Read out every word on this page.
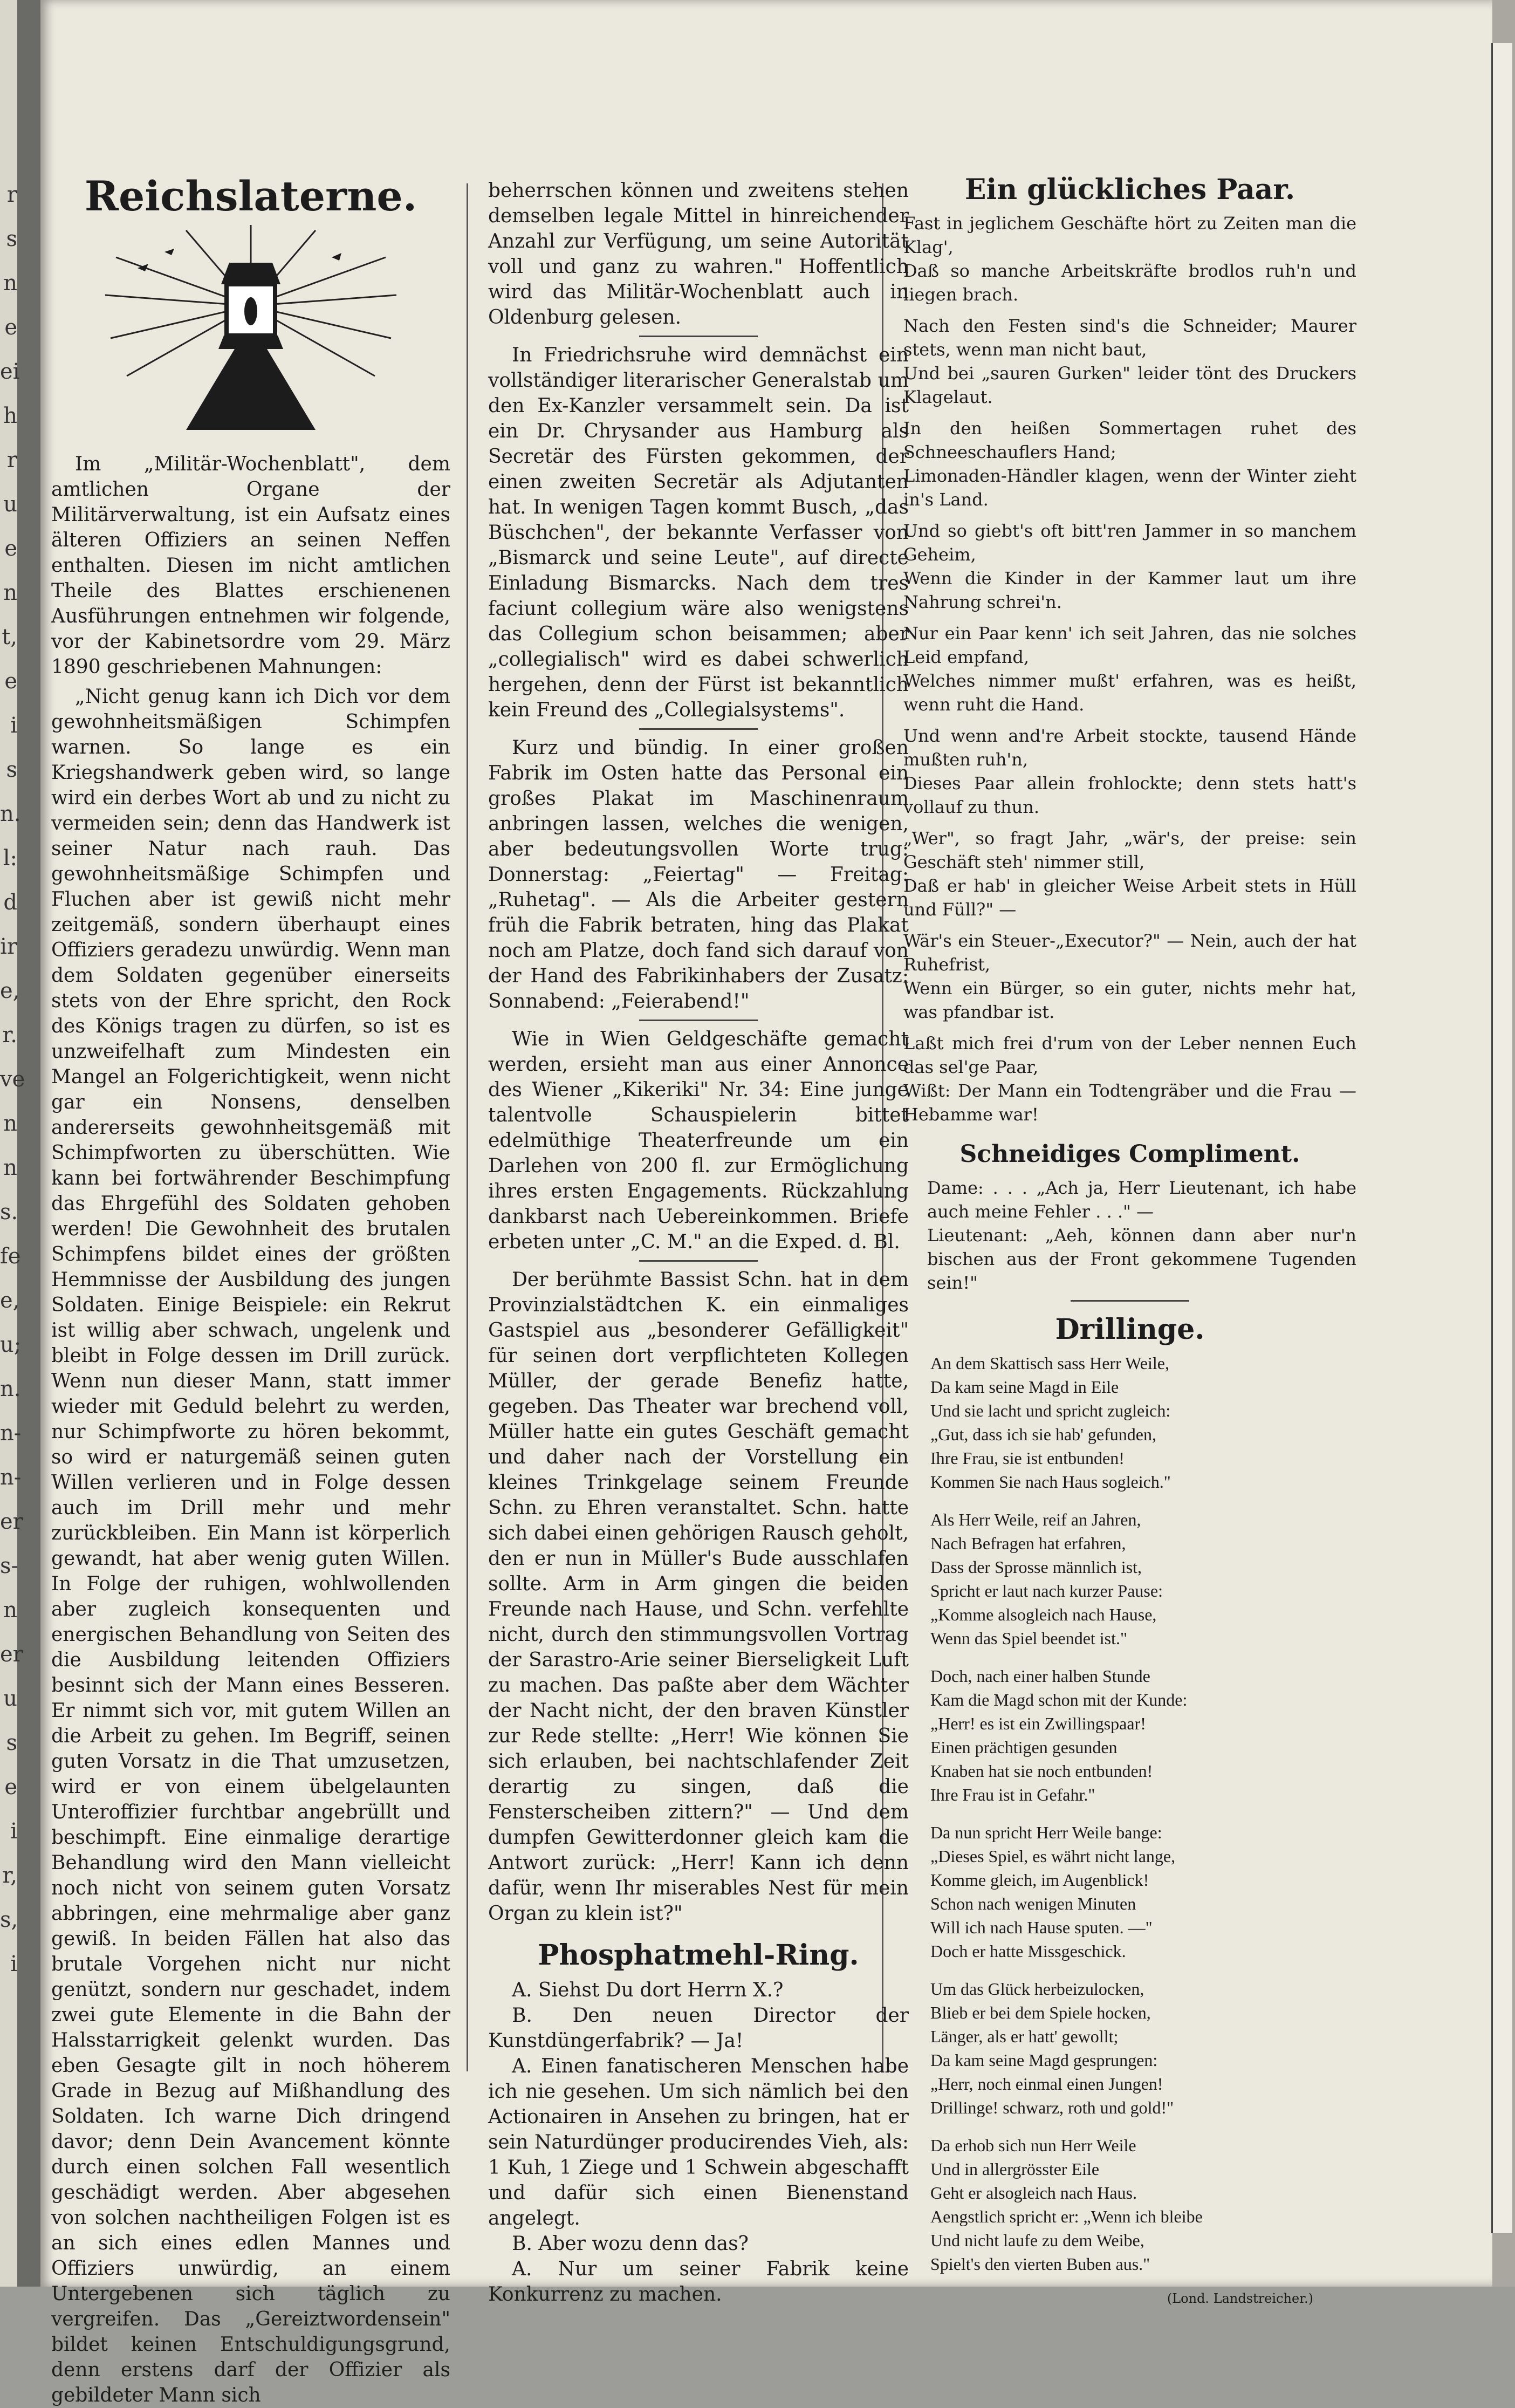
r s n e ei h r u e n t, e i s n. l: d ir e, r. ve n n s. fe e, u; n. n- n- er s- n er u s e i r, s, i
Reichslaterne.

Im „Militär-Wochenblatt", dem amtlichen Organe der Militärverwaltung, ist ein Aufsatz eines älteren Offiziers an seinen Neffen enthalten. Diesen im nicht amtlichen Theile des Blattes erschienenen Ausführungen entnehmen wir folgende, vor der Kabinetsordre vom 29. März 1890 geschriebenen Mahnungen:

„Nicht genug kann ich Dich vor dem gewohnheitsmäßigen Schimpfen warnen. So lange es ein Kriegshandwerk geben wird, so lange wird ein derbes Wort ab und zu nicht zu vermeiden sein; denn das Handwerk ist seiner Natur nach rauh. Das gewohnheitsmäßige Schimpfen und Fluchen aber ist gewiß nicht mehr zeitgemäß, sondern überhaupt eines Offiziers geradezu unwürdig. Wenn man dem Soldaten gegenüber einerseits stets von der Ehre spricht, den Rock des Königs tragen zu dürfen, so ist es unzweifelhaft zum Mindesten ein Mangel an Folgerichtigkeit, wenn nicht gar ein Nonsens, denselben andererseits gewohnheitsgemäß mit Schimpfworten zu überschütten. Wie kann bei fortwährender Beschimpfung das Ehrgefühl des Soldaten gehoben werden! Die Gewohnheit des brutalen Schimpfens bildet eines der größten Hemmnisse der Ausbildung des jungen Soldaten. Einige Beispiele: ein Rekrut ist willig aber schwach, ungelenk und bleibt in Folge dessen im Drill zurück. Wenn nun dieser Mann, statt immer wieder mit Geduld belehrt zu werden, nur Schimpfworte zu hören bekommt, so wird er naturgemäß seinen guten Willen verlieren und in Folge dessen auch im Drill mehr und mehr zurückbleiben. Ein Mann ist körperlich gewandt, hat aber wenig guten Willen. In Folge der ruhigen, wohlwollenden aber zugleich konsequenten und energischen Behandlung von Seiten des die Ausbildung leitenden Offiziers besinnt sich der Mann eines Besseren. Er nimmt sich vor, mit gutem Willen an die Arbeit zu gehen. Im Begriff, seinen guten Vorsatz in die That umzusetzen, wird er von einem übelgelaunten Unteroffizier furchtbar angebrüllt und beschimpft. Eine einmalige derartige Behandlung wird den Mann vielleicht noch nicht von seinem guten Vorsatz abbringen, eine mehrmalige aber ganz gewiß. In beiden Fällen hat also das brutale Vorgehen nicht nur nicht genützt, sondern nur geschadet, indem zwei gute Elemente in die Bahn der Halsstarrigkeit gelenkt wurden. Das eben Gesagte gilt in noch höherem Grade in Bezug auf Mißhandlung des Soldaten. Ich warne Dich dringend davor; denn Dein Avancement könnte durch einen solchen Fall wesentlich geschädigt werden. Aber abgesehen von solchen nachtheiligen Folgen ist es an sich eines edlen Mannes und Offiziers unwürdig, an einem Untergebenen sich täglich zu vergreifen. Das „Gereiztwordensein" bildet keinen Entschuldigungsgrund, denn erstens darf der Offizier als gebildeter Mann sich

beherrschen können und zweitens stehen demselben legale Mittel in hinreichender Anzahl zur Verfügung, um seine Autorität voll und ganz zu wahren." Hoffentlich wird das Militär-Wochenblatt auch in Oldenburg gelesen.

In Friedrichsruhe wird demnächst ein vollständiger literarischer Generalstab um den Ex-Kanzler versammelt sein. Da ist ein Dr. Chrysander aus Hamburg als Secretär des Fürsten gekommen, der einen zweiten Secretär als Adjutanten hat. In wenigen Tagen kommt Busch, „das Büschchen", der bekannte Verfasser von „Bismarck und seine Leute", auf directe Einladung Bismarcks. Nach dem tres faciunt collegium wäre also wenigstens das Collegium schon beisammen; aber „collegialisch" wird es dabei schwerlich hergehen, denn der Fürst ist bekanntlich kein Freund des „Collegialsystems".

Kurz und bündig. In einer großen Fabrik im Osten hatte das Personal ein großes Plakat im Maschinenraum anbringen lassen, welches die wenigen, aber bedeutungsvollen Worte trug: Donnerstag: „Feiertag" — Freitag: „Ruhetag". — Als die Arbeiter gestern früh die Fabrik betraten, hing das Plakat noch am Platze, doch fand sich darauf von der Hand des Fabrikinhabers der Zusatz: Sonnabend: „Feierabend!"

Wie in Wien Geldgeschäfte gemacht werden, ersieht man aus einer Annonce des Wiener „Kikeriki" Nr. 34: Eine junge talentvolle Schauspielerin bittet edelmüthige Theaterfreunde um ein Darlehen von 200 fl. zur Ermöglichung ihres ersten Engagements. Rückzahlung dankbarst nach Uebereinkommen. Briefe erbeten unter „C. M." an die Exped. d. Bl.

Der berühmte Bassist Schn. hat in dem Provinzialstädtchen K. ein einmaliges Gastspiel aus „besonderer Gefälligkeit" für seinen dort verpflichteten Kollegen Müller, der gerade Benefiz hatte, gegeben. Das Theater war brechend voll, Müller hatte ein gutes Geschäft gemacht und daher nach der Vorstellung ein kleines Trinkgelage seinem Freunde Schn. zu Ehren veranstaltet. Schn. hatte sich dabei einen gehörigen Rausch geholt, den er nun in Müller's Bude ausschlafen sollte. Arm in Arm gingen die beiden Freunde nach Hause, und Schn. verfehlte nicht, durch den stimmungsvollen Vortrag der Sarastro-Arie seiner Bierseligkeit Luft zu machen. Das paßte aber dem Wächter der Nacht nicht, der den braven Künstler zur Rede stellte: „Herr! Wie können Sie sich erlauben, bei nachtschlafender Zeit derartig zu singen, daß die Fensterscheiben zittern?" — Und dem dumpfen Gewitterdonner gleich kam die Antwort zurück: „Herr! Kann ich denn dafür, wenn Ihr miserables Nest für mein Organ zu klein ist?"

Phosphatmehl-Ring.

A. Siehst Du dort Herrn X.?

B. Den neuen Director der Kunstdüngerfabrik? — Ja!

A. Einen fanatischeren Menschen habe ich nie gesehen. Um sich nämlich bei den Actionairen in Ansehen zu bringen, hat er sein Naturdünger producirendes Vieh, als: 1 Kuh, 1 Ziege und 1 Schwein abgeschafft und dafür sich einen Bienenstand angelegt.

B. Aber wozu denn das?

A. Nur um seiner Fabrik keine Konkurrenz zu machen.

Ein glückliches Paar.
Fast in jeglichem Geschäfte hört zu Zeiten man die Klag',
Daß so manche Arbeitskräfte brodlos ruh'n und liegen brach.
Nach den Festen sind's die Schneider; Maurer stets, wenn man nicht baut,
Und bei „sauren Gurken" leider tönt des Druckers Klagelaut.
In den heißen Sommertagen ruhet des Schneeschauflers Hand;
Limonaden-Händler klagen, wenn der Winter zieht in's Land.
Und so giebt's oft bitt'ren Jammer in so manchem Geheim,
Wenn die Kinder in der Kammer laut um ihre Nahrung schrei'n.
Nur ein Paar kenn' ich seit Jahren, das nie solches Leid empfand,
Welches nimmer mußt' erfahren, was es heißt, wenn ruht die Hand.
Und wenn and're Arbeit stockte, tausend Hände mußten ruh'n,
Dieses Paar allein frohlockte; denn stets hatt's vollauf zu thun.
„Wer", so fragt Jahr, „wär's, der preise: sein Geschäft steh' nimmer still,
Daß er hab' in gleicher Weise Arbeit stets in Hüll und Füll?" —
Wär's ein Steuer-„Executor?" — Nein, auch der hat Ruhefrist,
Wenn ein Bürger, so ein guter, nichts mehr hat, was pfandbar ist.
Laßt mich frei d'rum von der Leber nennen Euch das sel'ge Paar,
Wißt: Der Mann ein Todtengräber und die Frau — Hebamme war!
Schneidiges Compliment.

Dame: . . . „Ach ja, Herr Lieutenant, ich habe auch meine Fehler . . ." —

Lieutenant: „Aeh, können dann aber nur'n bischen aus der Front gekommene Tugenden sein!"

Drillinge.
An dem Skattisch sass Herr Weile,
Da kam seine Magd in Eile
Und sie lacht und spricht zugleich:
„Gut, dass ich sie hab' gefunden,
Ihre Frau, sie ist entbunden!
Kommen Sie nach Haus sogleich."
Als Herr Weile, reif an Jahren,
Nach Befragen hat erfahren,
Dass der Sprosse männlich ist,
Spricht er laut nach kurzer Pause:
„Komme alsogleich nach Hause,
Wenn das Spiel beendet ist."
Doch, nach einer halben Stunde
Kam die Magd schon mit der Kunde:
„Herr! es ist ein Zwillingspaar!
Einen prächtigen gesunden
Knaben hat sie noch entbunden!
Ihre Frau ist in Gefahr."
Da nun spricht Herr Weile bange:
„Dieses Spiel, es währt nicht lange,
Komme gleich, im Augenblick!
Schon nach wenigen Minuten
Will ich nach Hause sputen. —"
Doch er hatte Missgeschick.
Um das Glück herbeizulocken,
Blieb er bei dem Spiele hocken,
Länger, als er hatt' gewollt;
Da kam seine Magd gesprungen:
„Herr, noch einmal einen Jungen!
Drillinge! schwarz, roth und gold!"
Da erhob sich nun Herr Weile
Und in allergrösster Eile
Geht er alsogleich nach Haus.
Aengstlich spricht er: „Wenn ich bleibe
Und nicht laufe zu dem Weibe,
Spielt's den vierten Buben aus."
(Lond. Landstreicher.)
